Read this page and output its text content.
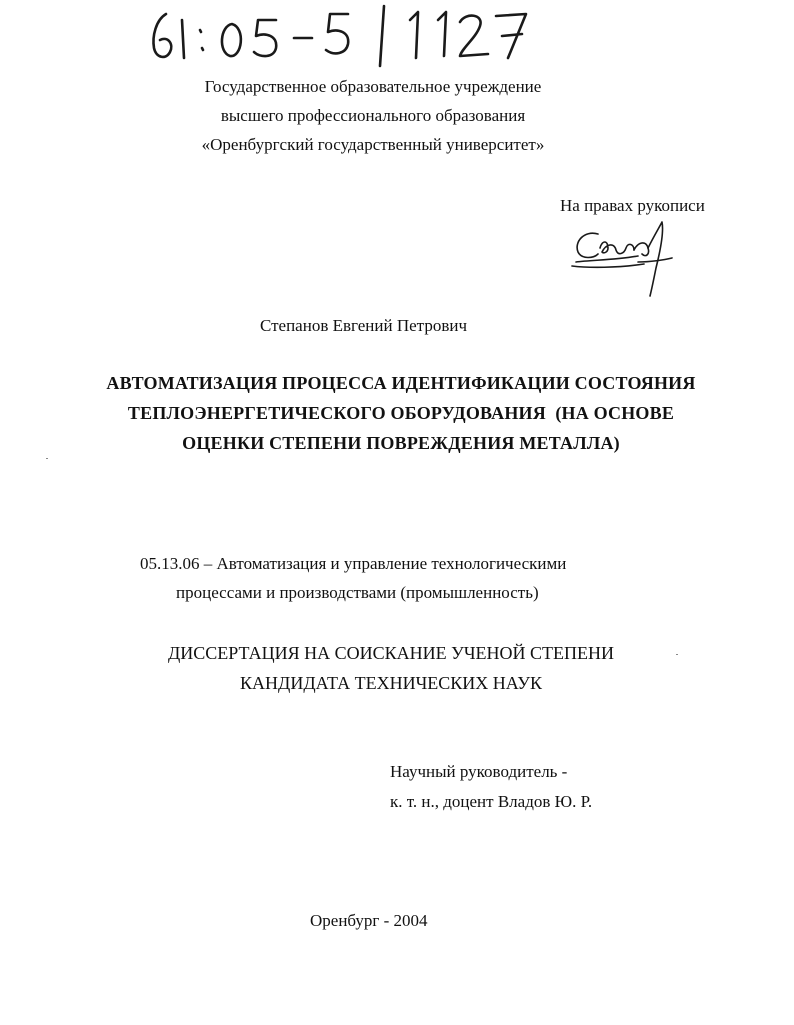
61:05-5/1127
Государственное образовательное учреждение
высшего профессионального образования
«Оренбургский государственный университет»
На правах рукописи
Степанов Евгений Петрович
АВТОМАТИЗАЦИЯ ПРОЦЕССА ИДЕНТИФИКАЦИИ СОСТОЯНИЯ
ТЕПЛОЭНЕРГЕТИЧЕСКОГО ОБОРУДОВАНИЯ  (НА ОСНОВЕ
ОЦЕНКИ СТЕПЕНИ ПОВРЕЖДЕНИЯ МЕТАЛЛА)
05.13.06 – Автоматизация и управление технологическими
процессами и производствами (промышленность)
ДИССЕРТАЦИЯ НА СОИСКАНИЕ УЧЕНОЙ СТЕПЕНИ
КАНДИДАТА ТЕХНИЧЕСКИХ НАУК
Научный руководитель -
к. т. н., доцент Владов Ю. Р.
Оренбург - 2004
